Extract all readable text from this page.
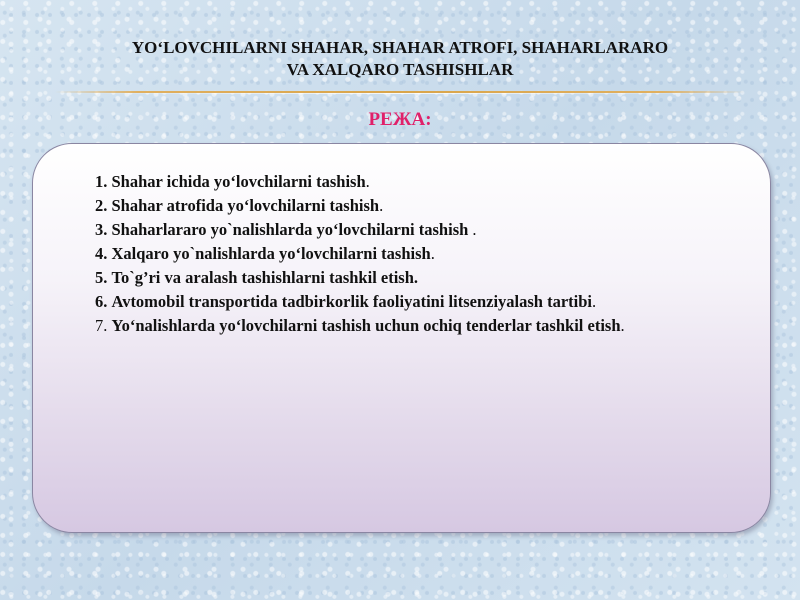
YO‘LOVCHILARNI SHAHAR, SHAHAR ATROFI, SHAHARLARARO
VA XALQARO TASHISHLAR
РЕЖА:
1. Shahar ichida yo‘lovchilarni tashish.
2. Shahar atrofida yo‘lovchilarni tashish.
3. Shaharlararo yo`nalishlarda yo‘lovchilarni tashish .
4. Xalqaro yo`nalishlarda yo‘lovchilarni tashish.
5. To`g’ri va aralash tashishlarni tashkil etish.
6. Avtomobil transportida tadbirkorlik faoliyatini litsenziyalash tartibi.
7. Yo‘nalishlarda yo‘lovchilarni tashish uchun ochiq tenderlar tashkil etish.
